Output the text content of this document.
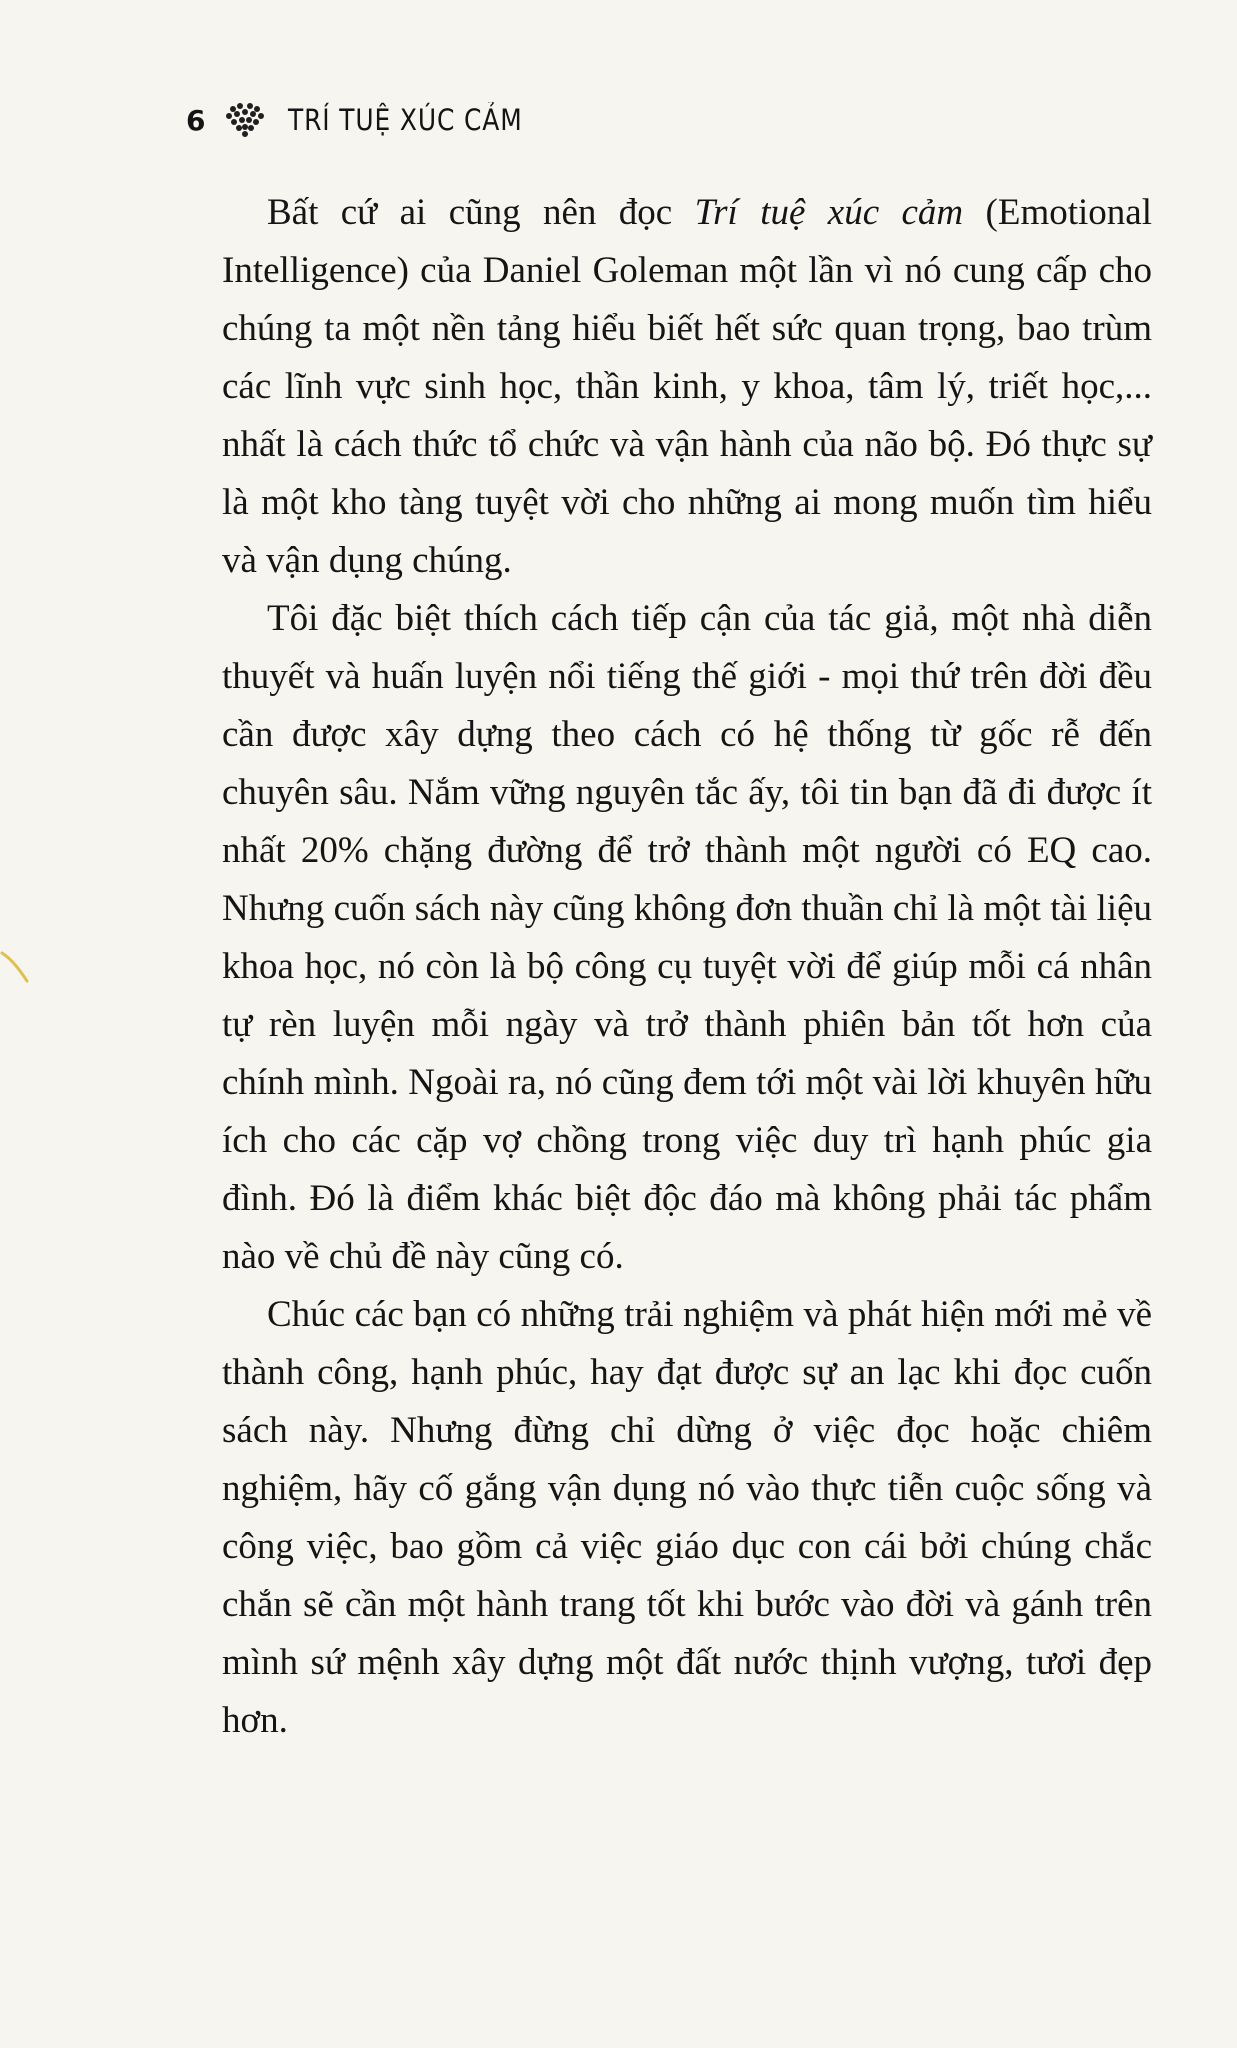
6	TRÍ TUỆ XÚC CẢM

Bất cứ ai cũng nên đọc Trí tuệ xúc cảm (Emotional Intelligence) của Daniel Goleman một lần vì nó cung cấp cho chúng ta một nền tảng hiểu biết hết sức quan trọng, bao trùm các lĩnh vực sinh học, thần kinh, y khoa, tâm lý, triết học,... nhất là cách thức tổ chức và vận hành của não bộ. Đó thực sự là một kho tàng tuyệt vời cho những ai mong muốn tìm hiểu và vận dụng chúng.

Tôi đặc biệt thích cách tiếp cận của tác giả, một nhà diễn thuyết và huấn luyện nổi tiếng thế giới - mọi thứ trên đời đều cần được xây dựng theo cách có hệ thống từ gốc rễ đến chuyên sâu. Nắm vững nguyên tắc ấy, tôi tin bạn đã đi được ít nhất 20% chặng đường để trở thành một người có EQ cao. Nhưng cuốn sách này cũng không đơn thuần chỉ là một tài liệu khoa học, nó còn là bộ công cụ tuyệt vời để giúp mỗi cá nhân tự rèn luyện mỗi ngày và trở thành phiên bản tốt hơn của chính mình. Ngoài ra, nó cũng đem tới một vài lời khuyên hữu ích cho các cặp vợ chồng trong việc duy trì hạnh phúc gia đình. Đó là điểm khác biệt độc đáo mà không phải tác phẩm nào về chủ đề này cũng có.

Chúc các bạn có những trải nghiệm và phát hiện mới mẻ về thành công, hạnh phúc, hay đạt được sự an lạc khi đọc cuốn sách này. Nhưng đừng chỉ dừng ở việc đọc hoặc chiêm nghiệm, hãy cố gắng vận dụng nó vào thực tiễn cuộc sống và công việc, bao gồm cả việc giáo dục con cái bởi chúng chắc chắn sẽ cần một hành trang tốt khi bước vào đời và gánh trên mình sứ mệnh xây dựng một đất nước thịnh vượng, tươi đẹp hơn.
